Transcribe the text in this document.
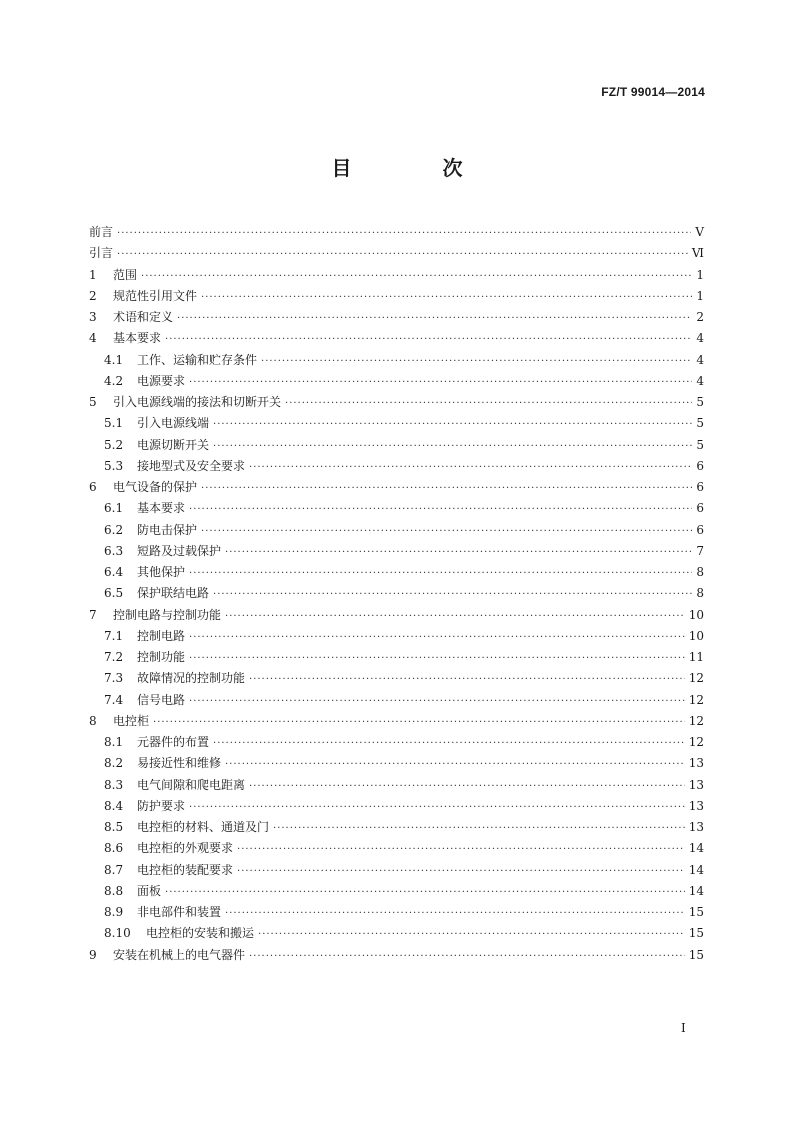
FZ/T 99014—2014
目 次
前言 ·····	Ⅴ
引言 ·····	Ⅵ
1	范围 ·····	1
2	规范性引用文件 ·····	1
3	术语和定义 ·····	2
4	基本要求 ·····	4
4.1	工作、运输和贮存条件 ·····	4
4.2	电源要求 ·····	4
5	引入电源线端的接法和切断开关 ·····	5
5.1	引入电源线端 ·····	5
5.2	电源切断开关 ·····	5
5.3	接地型式及安全要求 ·····	6
6	电气设备的保护 ·····	6
6.1	基本要求 ·····	6
6.2	防电击保护 ·····	6
6.3	短路及过载保护 ·····	7
6.4	其他保护 ·····	8
6.5	保护联结电路 ·····	8
7	控制电路与控制功能 ·····	10
7.1	控制电路 ·····	10
7.2	控制功能 ·····	11
7.3	故障情况的控制功能 ·····	12
7.4	信号电路 ·····	12
8	电控柜 ·····	12
8.1	元器件的布置 ·····	12
8.2	易接近性和维修 ·····	13
8.3	电气间隙和爬电距离 ·····	13
8.4	防护要求 ·····	13
8.5	电控柜的材料、通道及门 ·····	13
8.6	电控柜的外观要求 ·····	14
8.7	电控柜的装配要求 ·····	14
8.8	面板 ·····	14
8.9	非电部件和装置 ·····	15
8.10	电控柜的安装和搬运 ·····	15
9	安装在机械上的电气器件 ·····	15
I
